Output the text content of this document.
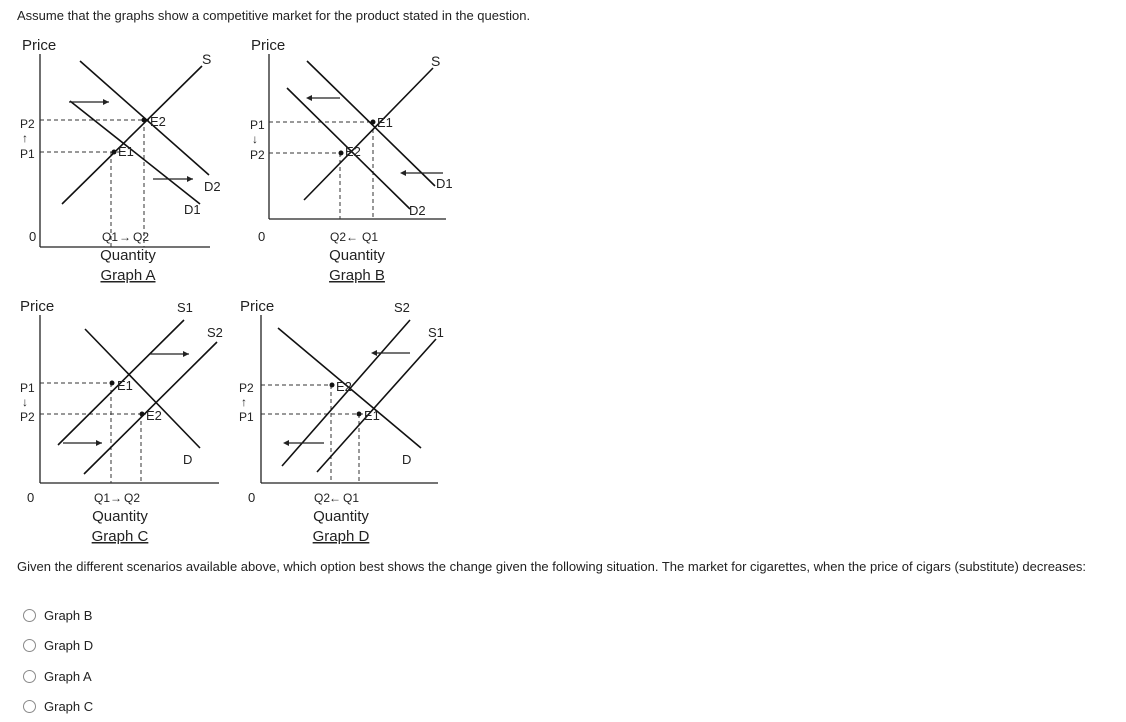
Assume that the graphs show a competitive market for the product stated in the question.
Price
E2
E1
S
D2
D1
P2
↑
P1
0	Q1 → Q2
Quantity
Graph A
Price
E1
E2
S
D1
D2
P1
↓
P2
0	Q2 ← Q1
Quantity
Graph B
Price
E1
E2
S1
S2
D
P1
↓
P2
0	Q1 → Q2
Quantity
Graph C
Price
E2
E1
S2
S1
D
P2
↑
P1
0	Q2
← Q1
Quantity
Graph D
Given the different scenarios available above, which option best shows the change given the following situation. The market for cigarettes, when the price of cigars (substitute) decreases:
Graph B
Graph D
Graph A
Graph C
